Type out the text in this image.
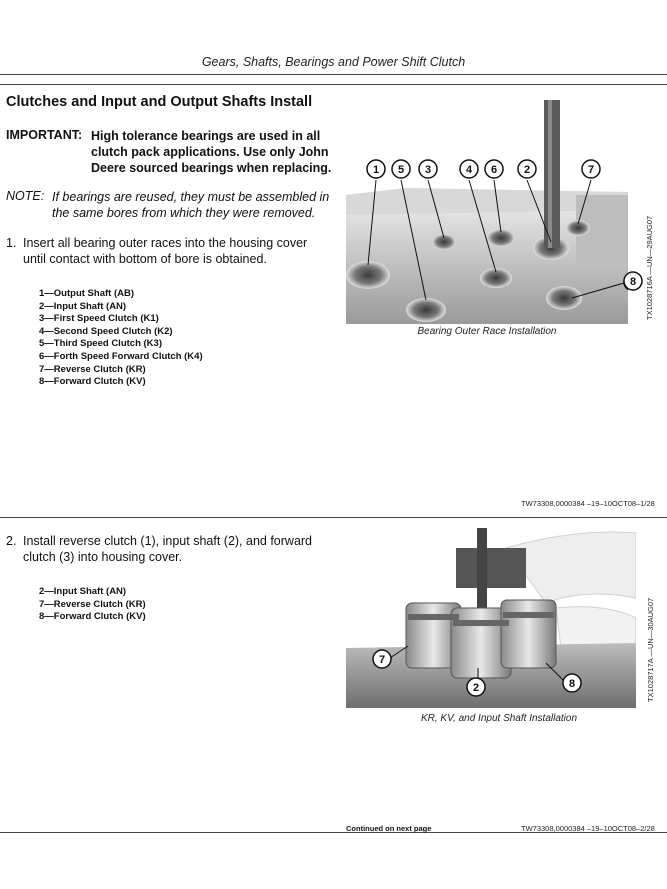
Gears, Shafts, Bearings and Power Shift Clutch
Clutches and Input and Output Shafts Install
IMPORTANT: High tolerance bearings are used in all clutch pack applications. Use only John Deere sourced bearings when replacing.
NOTE: If bearings are reused, they must be assembled in the same bores from which they were removed.
1. Insert all bearing outer races into the housing cover
until contact with bottom of bore is obtained.
1—Output Shaft (AB)
2—Input Shaft (AN)
3—First Speed Clutch (K1)
4—Second Speed Clutch (K2)
5—Third Speed Clutch (K3)
6—Forth Speed Forward Clutch (K4)
7—Reverse Clutch (KR)
8—Forward Clutch (KV)
1 5 3	4 6 2	7
8 TX1028716A —UN—29AUG07
Bearing Outer Race Installation
TW73308,0000384 –19–10OCT08–1/28
2. Install reverse clutch (1), input shaft (2), and forward
clutch (3) into housing cover.
2—Input Shaft (AN)
7—Reverse Clutch (KR)
8—Forward Clutch (KV)
7
2	8	TX1028717A —UN—30AUG07
KR, KV, and Input Shaft Installation
Continued on next page	TW73308,0000384 –19–10OCT08–2/28
